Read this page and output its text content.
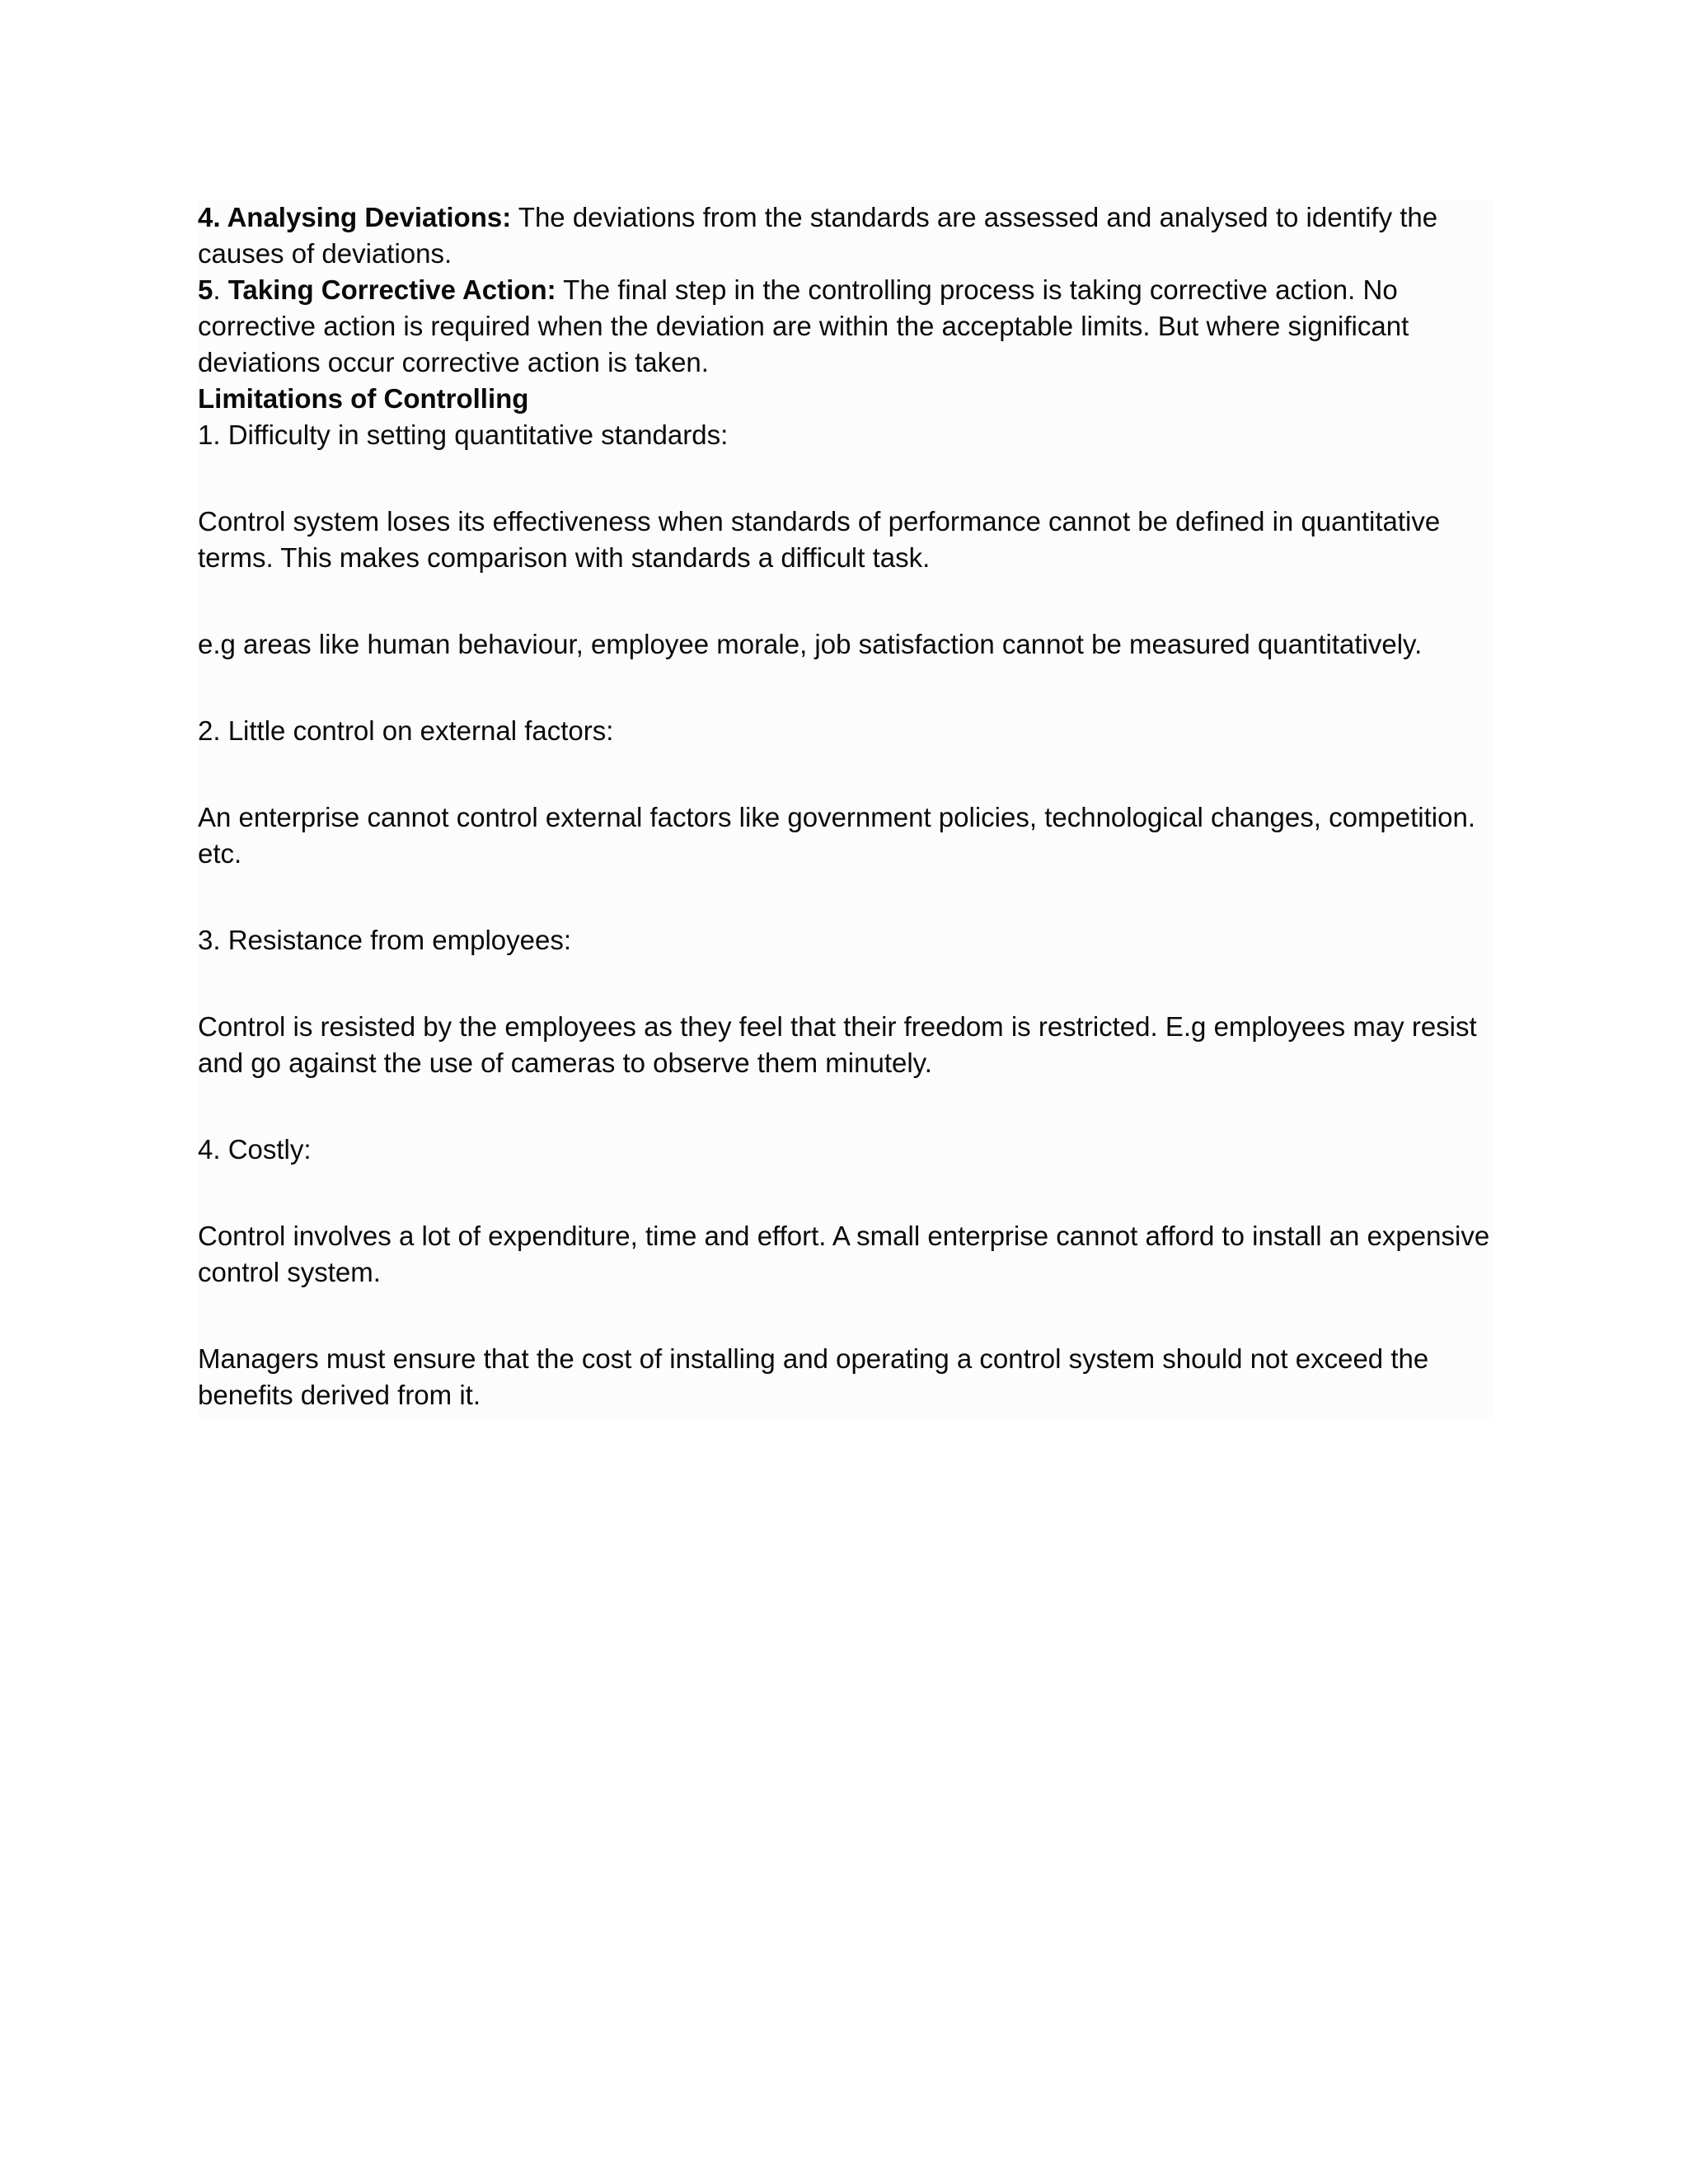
4. Analysing Deviations: The deviations from the standards are assessed and analysed to identify the causes of deviations.

5. Taking Corrective Action: The final step in the controlling process is taking corrective action. No corrective action is required when the deviation are within the acceptable limits. But where significant deviations occur corrective action is taken.

Limitations of Controlling

1. Difficulty in setting quantitative standards:

Control system loses its effectiveness when standards of performance cannot be defined in quantitative terms. This makes comparison with standards a difficult task.

e.g areas like human behaviour, employee morale, job satisfaction cannot be measured quantitatively.

2. Little control on external factors:

An enterprise cannot control external factors like government policies, technological changes, competition. etc.

3. Resistance from employees:

Control is resisted by the employees as they feel that their freedom is restricted. E.g employees may resist and go against the use of cameras to observe them minutely.

4. Costly:

Control involves a lot of expenditure, time and effort. A small enterprise cannot afford to install an expensive control system.

Managers must ensure that the cost of installing and operating a control system should not exceed the benefits derived from it.
